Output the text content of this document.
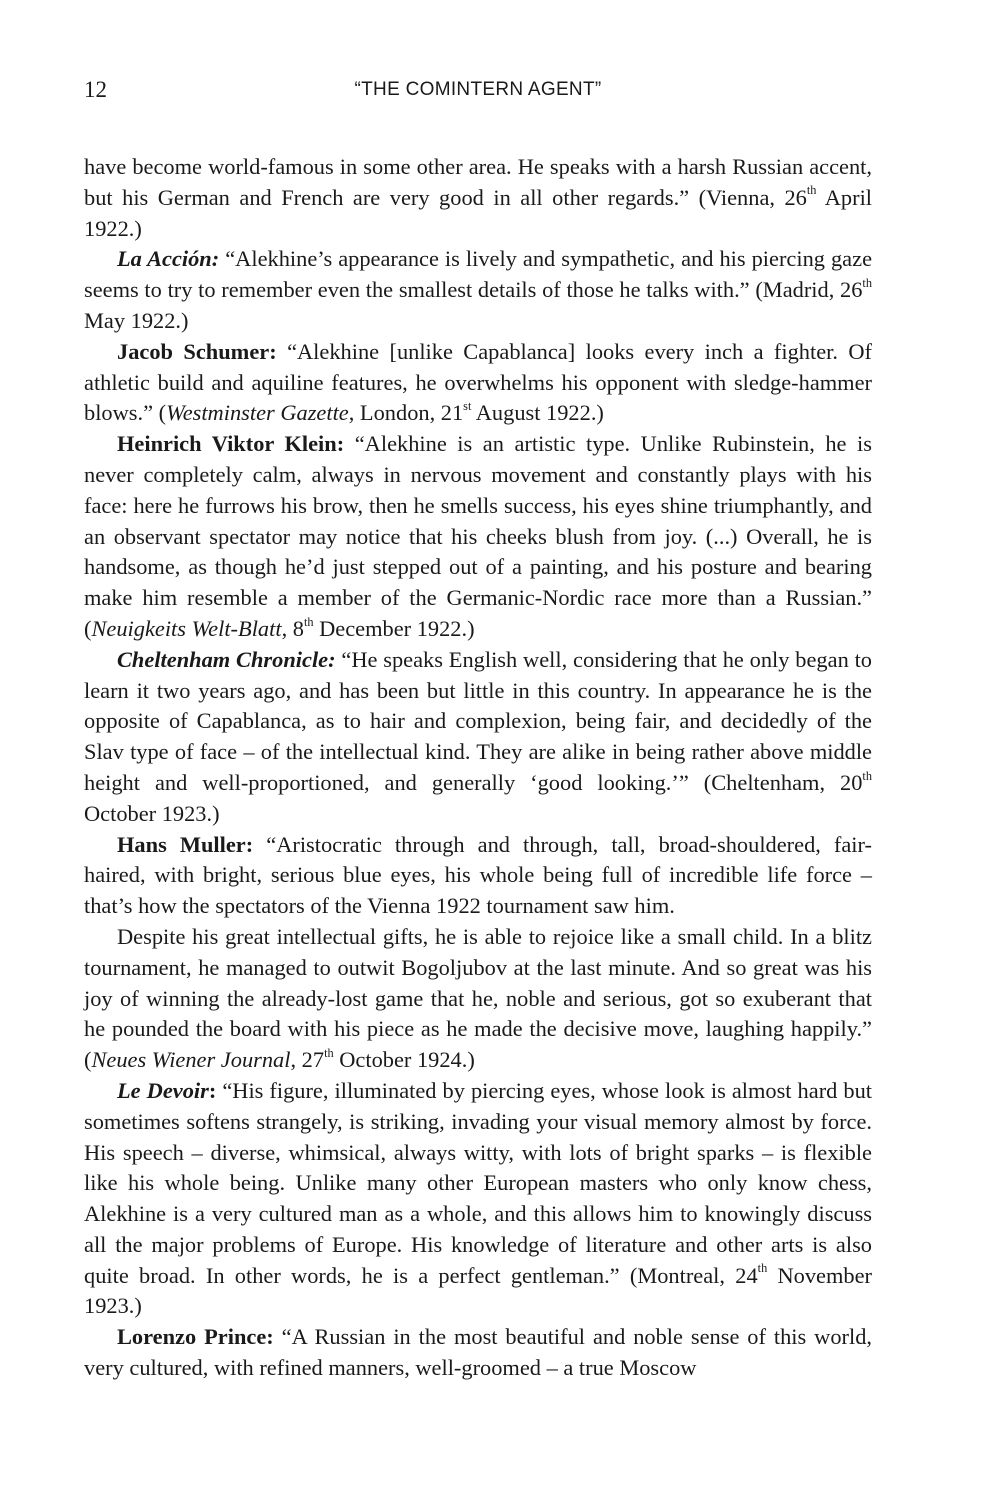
12	“THE COMINTERN AGENT”

have become world-famous in some other area. He speaks with a harsh Russian accent, but his German and French are very good in all other regards.” (Vienna, 26th April 1922.)

La Acción: “Alekhine’s appearance is lively and sympathetic, and his piercing gaze seems to try to remember even the smallest details of those he talks with.” (Madrid, 26th May 1922.)

Jacob Schumer: “Alekhine [unlike Capablanca] looks every inch a fighter. Of athletic build and aquiline features, he overwhelms his opponent with sledge-hammer blows.” (Westminster Gazette, London, 21st August 1922.)

Heinrich Viktor Klein: “Alekhine is an artistic type. Unlike Rubinstein, he is never completely calm, always in nervous movement and constantly plays with his face: here he furrows his brow, then he smells success, his eyes shine triumphantly, and an observant spectator may notice that his cheeks blush from joy. (...) Overall, he is handsome, as though he’d just stepped out of a painting, and his posture and bearing make him resemble a member of the Germanic-Nordic race more than a Russian.” (Neuigkeits Welt-Blatt, 8th December 1922.)

Cheltenham Chronicle: “He speaks English well, considering that he only began to learn it two years ago, and has been but little in this country. In appearance he is the opposite of Capablanca, as to hair and complexion, being fair, and decidedly of the Slav type of face – of the intellectual kind. They are alike in being rather above middle height and well-proportioned, and generally ‘good looking.’” (Cheltenham, 20th October 1923.)

Hans Muller: “Aristocratic through and through, tall, broad-shouldered, fair-haired, with bright, serious blue eyes, his whole being full of incredible life force – that’s how the spectators of the Vienna 1922 tournament saw him.

Despite his great intellectual gifts, he is able to rejoice like a small child. In a blitz tournament, he managed to outwit Bogoljubov at the last minute. And so great was his joy of winning the already-lost game that he, noble and serious, got so exuberant that he pounded the board with his piece as he made the decisive move, laughing happily.” (Neues Wiener Journal, 27th October 1924.)

Le Devoir: “His figure, illuminated by piercing eyes, whose look is almost hard but sometimes softens strangely, is striking, invading your visual memory almost by force. His speech – diverse, whimsical, always witty, with lots of bright sparks – is flexible like his whole being. Unlike many other European masters who only know chess, Alekhine is a very cultured man as a whole, and this allows him to knowingly discuss all the major problems of Europe. His knowledge of literature and other arts is also quite broad. In other words, he is a perfect gentleman.” (Montreal, 24th November 1923.)

Lorenzo Prince: “A Russian in the most beautiful and noble sense of this world, very cultured, with refined manners, well-groomed – a true Moscow
